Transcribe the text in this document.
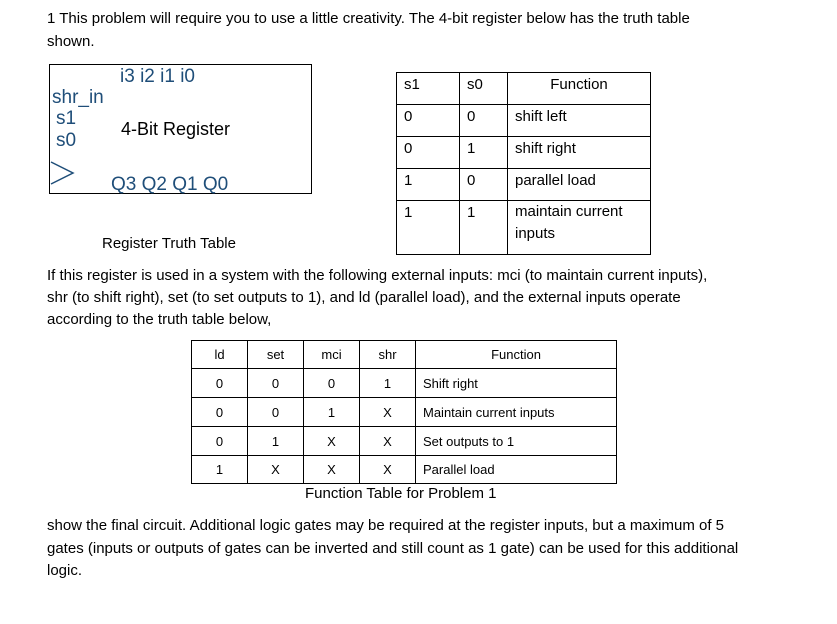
1 This problem will require you to use a little creativity. The 4-bit register below has the truth table
shown.
i3 i2 i1 i0
shr_in
s1
s0
4-Bit Register
Q3 Q2 Q1 Q0
s1	s0	Function
0	0	shift left
0	1	shift right
1	0	parallel load
1	1	maintain current inputs
Register Truth Table
If this register is used in a system with the following external inputs: mci (to maintain current inputs),
shr (to shift right), set (to set outputs to 1), and ld (parallel load), and the external inputs operate
according to the truth table below,
ld	set	mci	shr	Function
0	0	0	1	Shift right
0	0	1	X	Maintain current inputs
0	1	X	X	Set outputs to 1
1	X	X	X	Parallel load
Function Table for Problem 1
show the final circuit. Additional logic gates may be required at the register inputs, but a maximum of 5
gates (inputs or outputs of gates can be inverted and still count as 1 gate) can be used for this additional
logic.
